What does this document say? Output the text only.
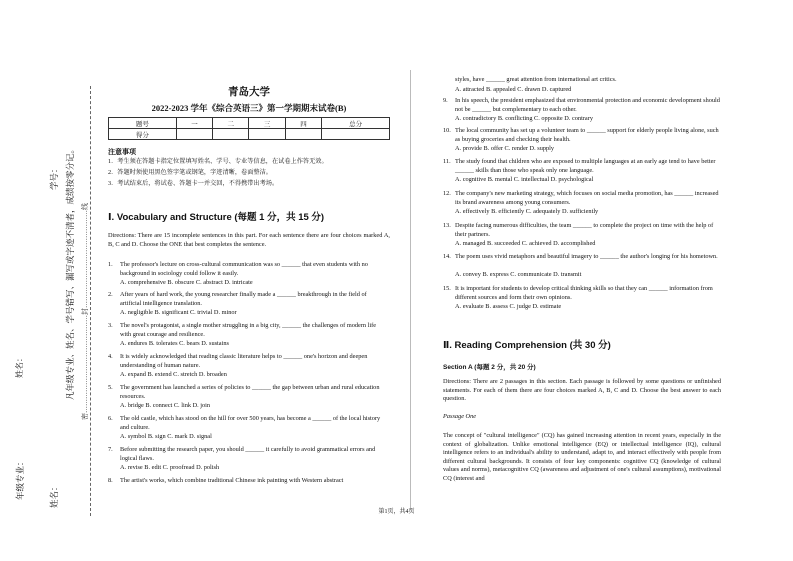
年级专业：
姓名：
姓名：
学号： 凡年级专业、姓名、学号错写、漏写或字迹不清者，成绩按零分记。 密……………………………………封……………………………………线
青岛大学
2022-2023 学年《综合英语三》第一学期期末试卷(B)
题号	一	二	三	四	总分
得分					
注意事项
1．考生须在答题卡指定位置填写姓名、学号、专业等信息，在试卷上作答无效。
2．答题时须使用黑色签字笔或钢笔，字迹清晰，卷面整洁。
3．考试结束后，将试卷、答题卡一并交回，不得携带出考场。
Ⅰ. Vocabulary and Structure (每题 1 分，共 15 分)
Directions: There are 15 incomplete sentences in this part. For each sentence there are four choices marked A, B, C and D. Choose the ONE that best completes the sentence.
1. The professor's lecture on cross-cultural communication was so ______ that even students with no background in sociology could follow it easily.
A. comprehensive B. obscure C. abstract D. intricate
2. After years of hard work, the young researcher finally made a ______ breakthrough in the field of artificial intelligence translation.
A. negligible B. significant C. trivial D. minor
3. The novel's protagonist, a single mother struggling in a big city, ______ the challenges of modern life with great courage and resilience.
A. endures B. tolerates C. bears D. sustains
4. It is widely acknowledged that reading classic literature helps to ______ one's horizon and deepen understanding of human nature.
A. expand B. extend C. stretch D. broaden
5. The government has launched a series of policies to ______ the gap between urban and rural education resources.
A. bridge B. connect C. link D. join
6. The old castle, which has stood on the hill for over 500 years, has become a ______ of the local history and culture.
A. symbol B. sign C. mark D. signal
7. Before submitting the research paper, you should ______ it carefully to avoid grammatical errors and logical flaws.
A. revise B. edit C. proofread D. polish
8. The artist's works, which combine traditional Chinese ink painting with Western abstract
styles, have ______ great attention from international art critics.
A. attracted B. appealed C. drawn D. captured
9. In his speech, the president emphasized that environmental protection and economic development should not be ______ but complementary to each other.
A. contradictory B. conflicting C. opposite D. contrary
10. The local community has set up a volunteer team to ______ support for elderly people living alone, such as buying groceries and checking their health.
A. provide B. offer C. render D. supply
11. The study found that children who are exposed to multiple languages at an early age tend to have better ______ skills than those who speak only one language.
A. cognitive B. mental C. intellectual D. psychological
12. The company's new marketing strategy, which focuses on social media promotion, has ______ increased its brand awareness among young consumers.
A. effectively B. efficiently C. adequately D. sufficiently
13. Despite facing numerous difficulties, the team ______ to complete the project on time with the help of their partners.
A. managed B. succeeded C. achieved D. accomplished
14. The poem uses vivid metaphors and beautiful imagery to ______ the author's longing for his hometown.
A. convey B. express C. communicate D. transmit
15. It is important for students to develop critical thinking skills so that they can ______ information from different sources and form their own opinions.
A. evaluate B. assess C. judge D. estimate
Ⅱ. Reading Comprehension (共 30 分)
Section A (每题 2 分，共 20 分)
Directions: There are 2 passages in this section. Each passage is followed by some questions or unfinished statements. For each of them there are four choices marked A, B, C and D. Choose the best answer to each question.
Passage One
The concept of "cultural intelligence" (CQ) has gained increasing attention in recent years, especially in the context of globalization. Unlike emotional intelligence (EQ) or intellectual intelligence (IQ), cultural intelligence refers to an individual's ability to understand, adapt to, and interact effectively with people from different cultural backgrounds. It consists of four key components: cognitive CQ (knowledge of cultural values and norms), metacognitive CQ (awareness and adjustment of one's cultural assumptions), motivational CQ (interest and
第1页，共4页
